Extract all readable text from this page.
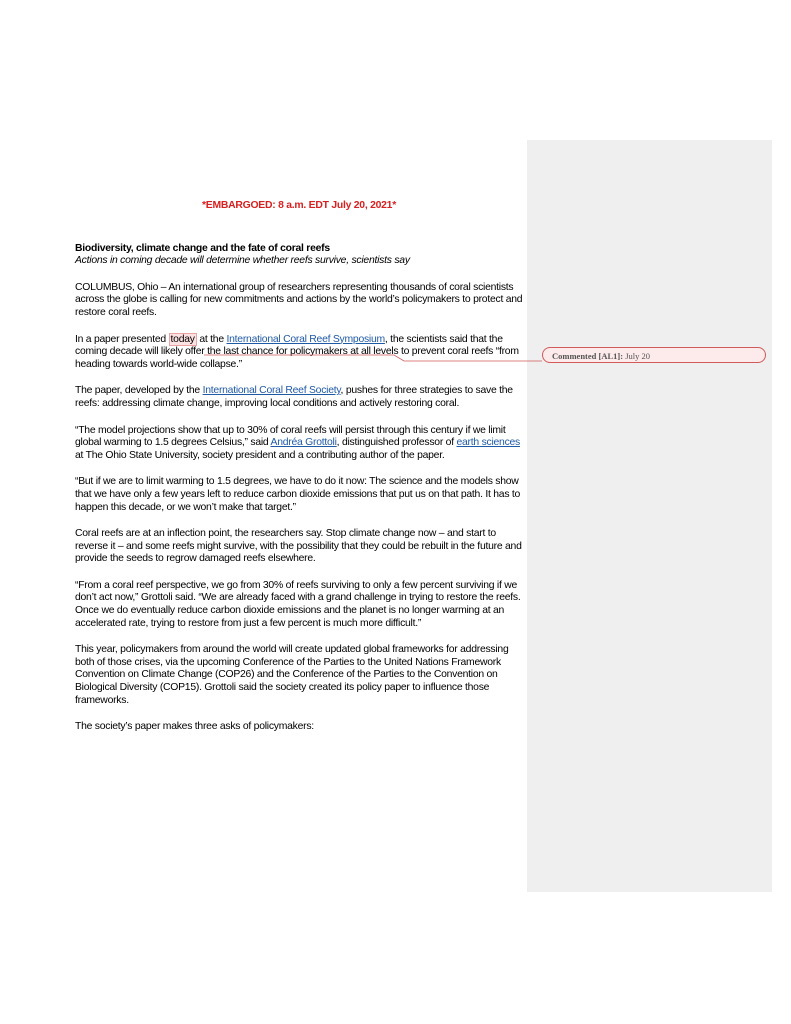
*EMBARGOED: 8 a.m. EDT July 20, 2021*

Biodiversity, climate change and the fate of coral reefs
Actions in coming decade will determine whether reefs survive, scientists say

COLUMBUS, Ohio – An international group of researchers representing thousands of coral scientists across the globe is calling for new commitments and actions by the world’s policymakers to protect and restore coral reefs.

In a paper presented today at the International Coral Reef Symposium, the scientists said that the coming decade will likely offer the last chance for policymakers at all levels to prevent coral reefs “from heading towards world-wide collapse.”

The paper, developed by the International Coral Reef Society, pushes for three strategies to save the reefs: addressing climate change, improving local conditions and actively restoring coral.

“The model projections show that up to 30% of coral reefs will persist through this century if we limit global warming to 1.5 degrees Celsius,” said Andréa Grottoli, distinguished professor of earth sciences at The Ohio State University, society president and a contributing author of the paper.

“But if we are to limit warming to 1.5 degrees, we have to do it now: The science and the models show that we have only a few years left to reduce carbon dioxide emissions that put us on that path. It has to happen this decade, or we won’t make that target.”

Coral reefs are at an inflection point, the researchers say. Stop climate change now – and start to reverse it – and some reefs might survive, with the possibility that they could be rebuilt in the future and provide the seeds to regrow damaged reefs elsewhere.

“From a coral reef perspective, we go from 30% of reefs surviving to only a few percent surviving if we don’t act now,” Grottoli said. “We are already faced with a grand challenge in trying to restore the reefs. Once we do eventually reduce carbon dioxide emissions and the planet is no longer warming at an accelerated rate, trying to restore from just a few percent is much more difficult.”

This year, policymakers from around the world will create updated global frameworks for addressing both of those crises, via the upcoming Conference of the Parties to the United Nations Framework Convention on Climate Change (COP26) and the Conference of the Parties to the Convention on Biological Diversity (COP15). Grottoli said the society created its policy paper to influence those frameworks.

The society’s paper makes three asks of policymakers:

Commented [AL1]: July 20
